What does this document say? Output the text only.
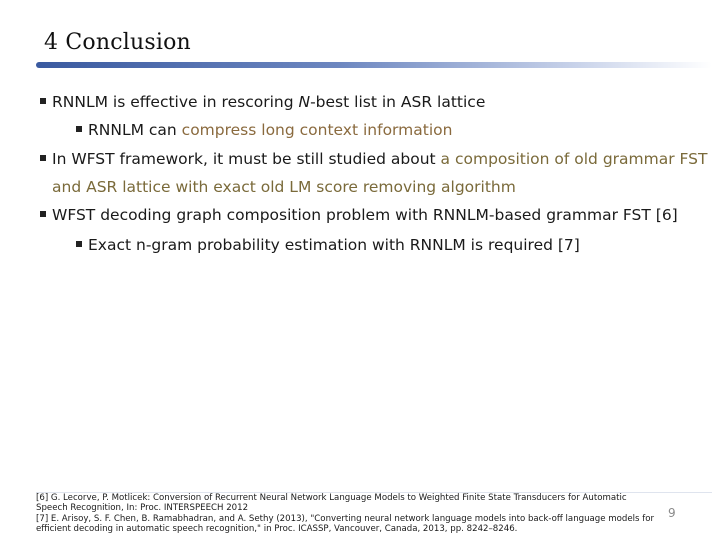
4 Conclusion
RNNLM is effective in rescoring N-best list in ASR lattice
RNNLM can compress long context information
In WFST framework, it must be still studied about a composition of old grammar FST
and ASR lattice with exact old LM score removing algorithm
WFST decoding graph composition problem with RNNLM-based grammar FST [6]
Exact n-gram probability estimation with RNNLM is required [7]
[6] G. Lecorve, P. Motlicek: Conversion of Recurrent Neural Network Language Models to Weighted Finite State Transducers for Automatic
Speech Recognition, In: Proc. INTERSPEECH 2012
[7] E. Arisoy, S. F. Chen, B. Ramabhadran, and A. Sethy (2013), "Converting neural network language models into back-off language models for
efficient decoding in automatic speech recognition," in Proc. ICASSP, Vancouver, Canada, 2013, pp. 8242–8246.
9
